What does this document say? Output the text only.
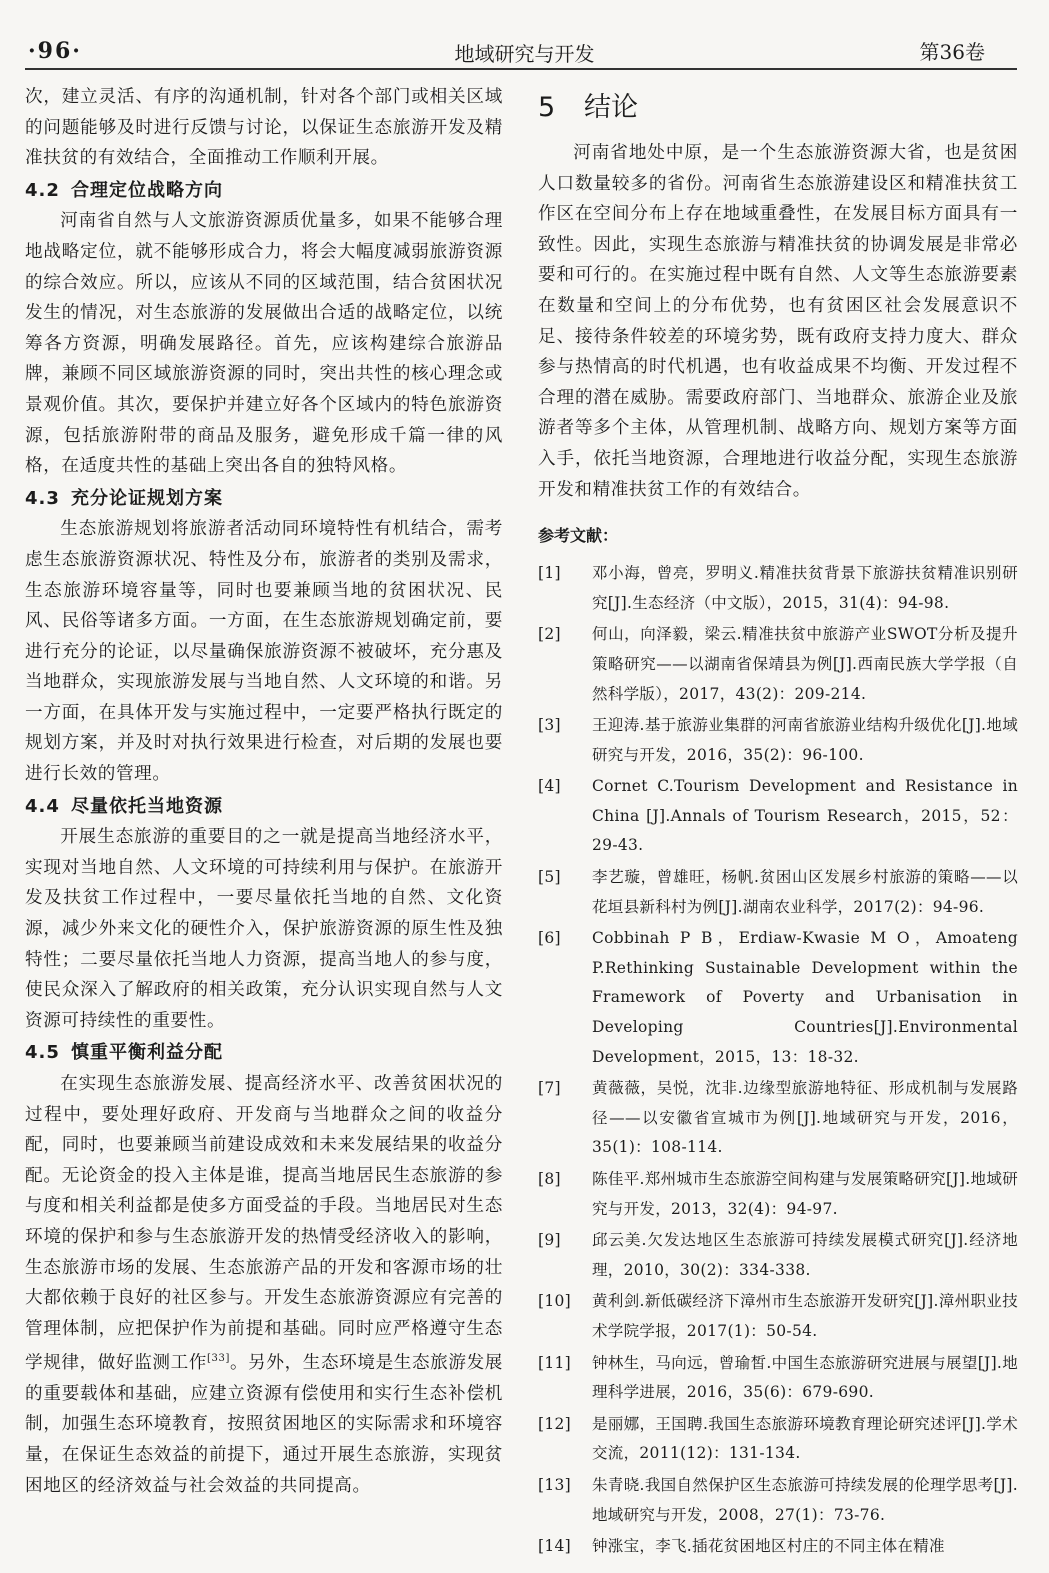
·96·	地域研究与开发	第36卷

次，建立灵活、有序的沟通机制，针对各个部门或相关区域的问题能够及时进行反馈与讨论，以保证生态旅游开发及精准扶贫的有效结合，全面推动工作顺利开展。

4.2 合理定位战略方向

河南省自然与人文旅游资源质优量多，如果不能够合理地战略定位，就不能够形成合力，将会大幅度减弱旅游资源的综合效应。所以，应该从不同的区域范围，结合贫困状况发生的情况，对生态旅游的发展做出合适的战略定位，以统筹各方资源，明确发展路径。首先，应该构建综合旅游品牌，兼顾不同区域旅游资源的同时，突出共性的核心理念或景观价值。其次，要保护并建立好各个区域内的特色旅游资源，包括旅游附带的商品及服务，避免形成千篇一律的风格，在适度共性的基础上突出各自的独特风格。

4.3 充分论证规划方案

生态旅游规划将旅游者活动同环境特性有机结合，需考虑生态旅游资源状况、特性及分布，旅游者的类别及需求，生态旅游环境容量等，同时也要兼顾当地的贫困状况、民风、民俗等诸多方面。一方面，在生态旅游规划确定前，要进行充分的论证，以尽量确保旅游资源不被破坏，充分惠及当地群众，实现旅游发展与当地自然、人文环境的和谐。另一方面，在具体开发与实施过程中，一定要严格执行既定的规划方案，并及时对执行效果进行检查，对后期的发展也要进行长效的管理。

4.4 尽量依托当地资源

开展生态旅游的重要目的之一就是提高当地经济水平，实现对当地自然、人文环境的可持续利用与保护。在旅游开发及扶贫工作过程中，一要尽量依托当地的自然、文化资源，减少外来文化的硬性介入，保护旅游资源的原生性及独特性；二要尽量依托当地人力资源，提高当地人的参与度，使民众深入了解政府的相关政策，充分认识实现自然与人文资源可持续性的重要性。

4.5 慎重平衡利益分配

在实现生态旅游发展、提高经济水平、改善贫困状况的过程中，要处理好政府、开发商与当地群众之间的收益分配，同时，也要兼顾当前建设成效和未来发展结果的收益分配。无论资金的投入主体是谁，提高当地居民生态旅游的参与度和相关利益都是使多方面受益的手段。当地居民对生态环境的保护和参与生态旅游开发的热情受经济收入的影响，生态旅游市场的发展、生态旅游产品的开发和客源市场的壮大都依赖于良好的社区参与。开发生态旅游资源应有完善的管理体制，应把保护作为前提和基础。同时应严格遵守生态学规律，做好监测工作[33]。另外，生态环境是生态旅游发展的重要载体和基础，应建立资源有偿使用和实行生态补偿机制，加强生态环境教育，按照贫困地区的实际需求和环境容量，在保证生态效益的前提下，通过开展生态旅游，实现贫困地区的经济效益与社会效益的共同提高。

5 结论

河南省地处中原，是一个生态旅游资源大省，也是贫困人口数量较多的省份。河南省生态旅游建设区和精准扶贫工作区在空间分布上存在地域重叠性，在发展目标方面具有一致性。因此，实现生态旅游与精准扶贫的协调发展是非常必要和可行的。在实施过程中既有自然、人文等生态旅游要素在数量和空间上的分布优势，也有贫困区社会发展意识不足、接待条件较差的环境劣势，既有政府支持力度大、群众参与热情高的时代机遇，也有收益成果不均衡、开发过程不合理的潜在威胁。需要政府部门、当地群众、旅游企业及旅游者等多个主体，从管理机制、战略方向、规划方案等方面入手，依托当地资源，合理地进行收益分配，实现生态旅游开发和精准扶贫工作的有效结合。

参考文献：
[1]	邓小海，曾亮，罗明义.精准扶贫背景下旅游扶贫精准识别研究[J].生态经济（中文版），2015，31(4)：94-98.
[2]	何山，向泽毅，梁云.精准扶贫中旅游产业SWOT分析及提升策略研究——以湖南省保靖县为例[J].西南民族大学学报（自然科学版），2017，43(2)：209-214.
[3]	王迎涛.基于旅游业集群的河南省旅游业结构升级优化[J].地域研究与开发，2016，35(2)：96-100.
[4]	Cornet C.Tourism Development and Resistance in China [J].Annals of Tourism Research，2015，52：29-43.
[5]	李艺璇，曾雄旺，杨帆.贫困山区发展乡村旅游的策略——以花垣县新科村为例[J].湖南农业科学，2017(2)：94-96.
[6]	Cobbinah P B，Erdiaw-Kwasie M O，Amoateng P.Rethinking Sustainable Development within the Framework of Poverty and Urbanisation in Developing Countries[J].Environmental Development，2015，13：18-32.
[7]	黄薇薇，吴悦，沈非.边缘型旅游地特征、形成机制与发展路径——以安徽省宣城市为例[J].地域研究与开发，2016，35(1)：108-114.
[8]	陈佳平.郑州城市生态旅游空间构建与发展策略研究[J].地域研究与开发，2013，32(4)：94-97.
[9]	邱云美.欠发达地区生态旅游可持续发展模式研究[J].经济地理，2010，30(2)：334-338.
[10]	黄利剑.新低碳经济下漳州市生态旅游开发研究[J].漳州职业技术学院学报，2017(1)：50-54.
[11]	钟林生，马向远，曾瑜皙.中国生态旅游研究进展与展望[J].地理科学进展，2016，35(6)：679-690.
[12]	是丽娜，王国聘.我国生态旅游环境教育理论研究述评[J].学术交流，2011(12)：131-134.
[13]	朱青晓.我国自然保护区生态旅游可持续发展的伦理学思考[J].地域研究与开发，2008，27(1)：73-76.
[14]	钟涨宝，李飞.插花贫困地区村庄的不同主体在精准
